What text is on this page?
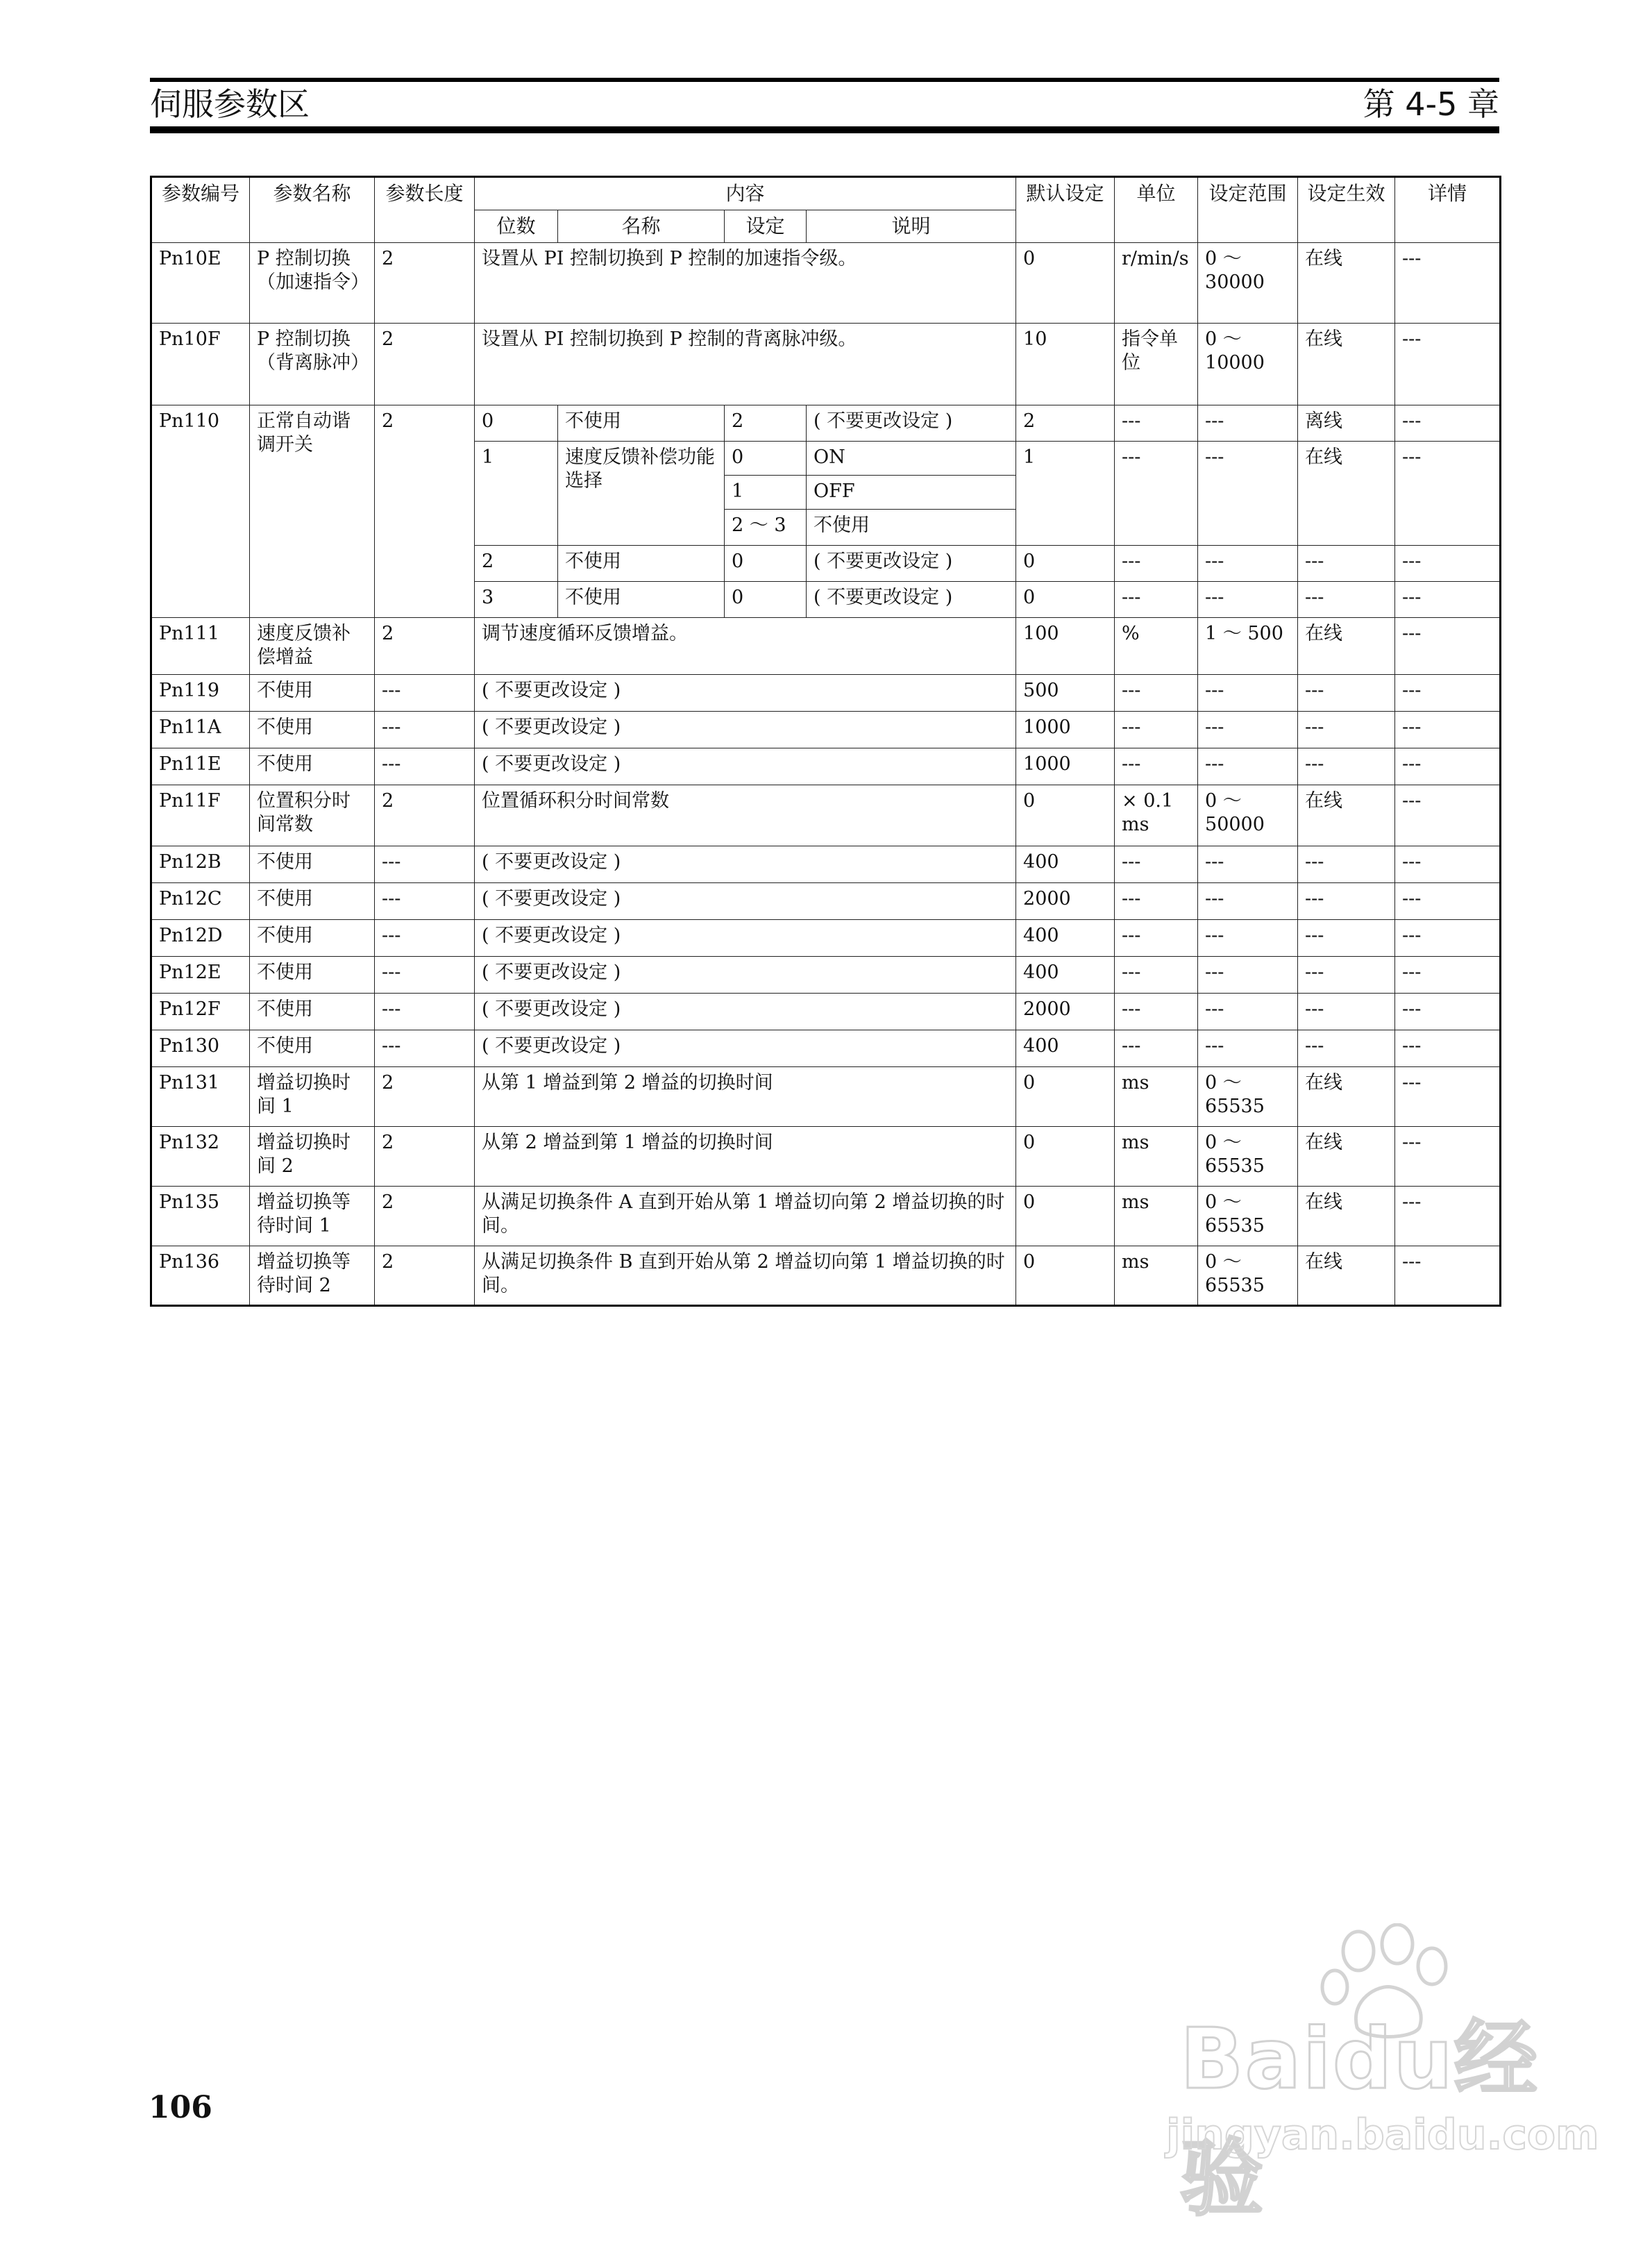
伺服参数区	第 4-5 章
参数编号	参数名称	参数长度	内容				默认设定	单位	设定范围	设定生效	详情
			位数	名称	设定	说明					
Pn10E	P 控制切换（加速指令）	2	设置从 PI 控制切换到 P 控制的加速指令级。				0	r/min/s	0 ～ 30000	在线	---
Pn10F	P 控制切换（背离脉冲）	2	设置从 PI 控制切换到 P 控制的背离脉冲级。				10	指令单位	0 ～ 10000	在线	---
Pn110	正常自动谐调开关	2	0	不使用	2	( 不要更改设定 )	2	---	---	离线	---
			1	速度反馈补偿功能选择	0	ON	1	---	---	在线	---
					1	OFF					
					2 ～ 3	不使用					
			2	不使用	0	( 不要更改设定 )	0	---	---	---	---
			3	不使用	0	( 不要更改设定 )	0	---	---	---	---
Pn111	速度反馈补偿增益	2	调节速度循环反馈增益。				100	%	1 ～ 500	在线	---
Pn119	不使用	---	( 不要更改设定 )				500	---	---	---	---
Pn11A	不使用	---	( 不要更改设定 )				1000	---	---	---	---
Pn11E	不使用	---	( 不要更改设定 )				1000	---	---	---	---
Pn11F	位置积分时间常数	2	位置循环积分时间常数				0	× 0.1 ms	0 ～ 50000	在线	---
Pn12B	不使用	---	( 不要更改设定 )				400	---	---	---	---
Pn12C	不使用	---	( 不要更改设定 )				2000	---	---	---	---
Pn12D	不使用	---	( 不要更改设定 )				400	---	---	---	---
Pn12E	不使用	---	( 不要更改设定 )				400	---	---	---	---
Pn12F	不使用	---	( 不要更改设定 )				2000	---	---	---	---
Pn130	不使用	---	( 不要更改设定 )				400	---	---	---	---
Pn131	增益切换时间 1	2	从第 1 增益到第 2 增益的切换时间				0	ms	0 ～ 65535	在线	---
Pn132	增益切换时间 2	2	从第 2 增益到第 1 增益的切换时间				0	ms	0 ～ 65535	在线	---
Pn135	增益切换等待时间 1	2	从满足切换条件 A 直到开始从第 1 增益切向第 2 增益切换的时间。				0	ms	0 ～ 65535	在线	---
Pn136	增益切换等待时间 2	2	从满足切换条件 B 直到开始从第 2 增益切向第 1 增益切换的时间。				0	ms	0 ～ 65535	在线	---
106	Baidu经验
jingyan.baidu.com
